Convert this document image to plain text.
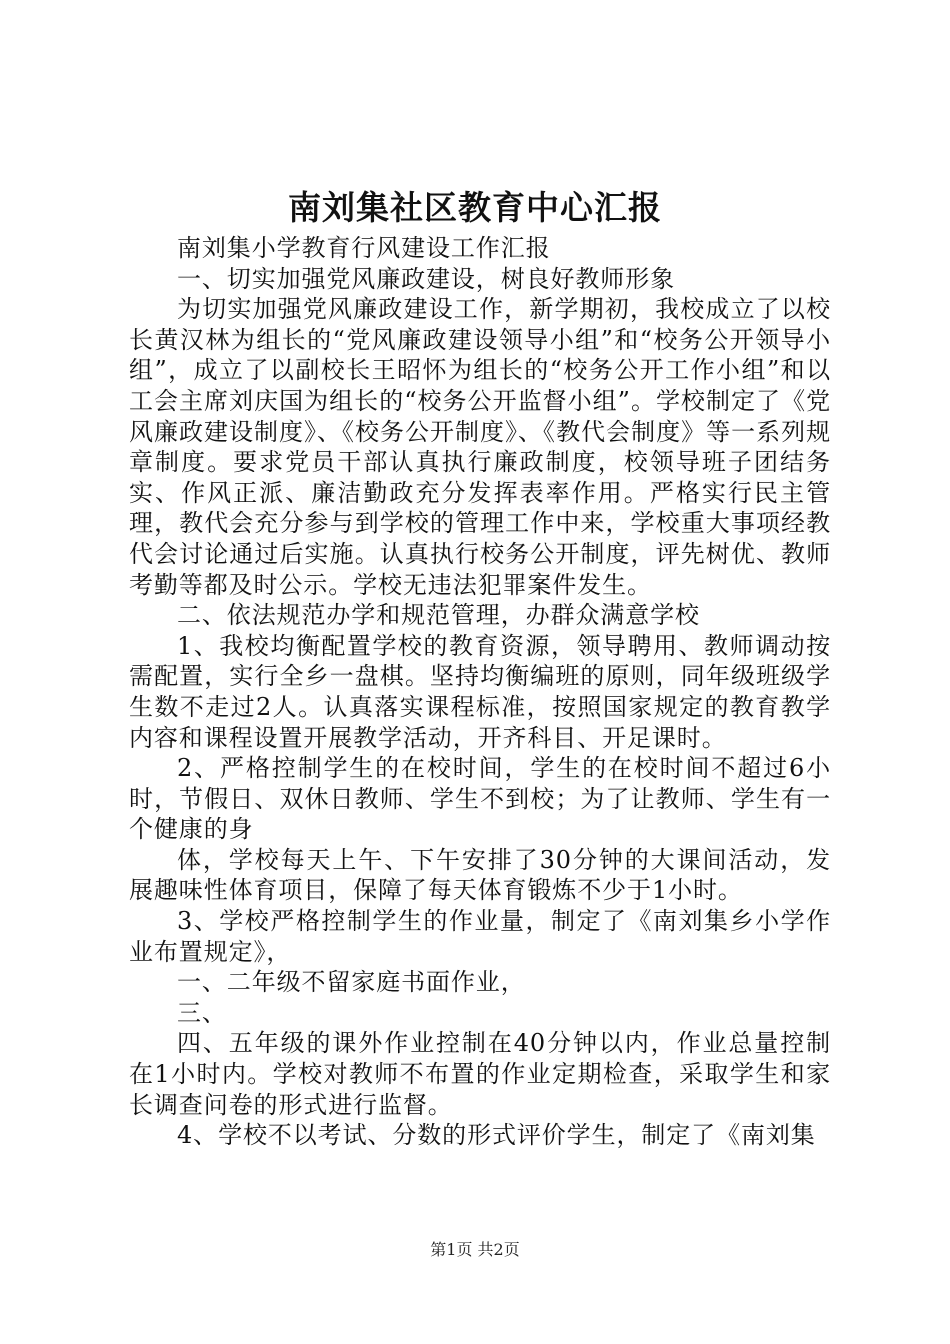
南刘集社区教育中心汇报

南刘集小学教育行风建设工作汇报

一、切实加强党风廉政建设，树良好教师形象

为切实加强党风廉政建设工作，新学期初，我校成立了以校长黄汉林为组长的“党风廉政建设领导小组”和“校务公开领导小组”，成立了以副校长王昭怀为组长的“校务公开工作小组”和以工会主席刘庆国为组长的“校务公开监督小组”。学校制定了《党风廉政建设制度》、《校务公开制度》、《教代会制度》等一系列规章制度。要求党员干部认真执行廉政制度，校领导班子团结务实、作风正派、廉洁勤政充分发挥表率作用。严格实行民主管理，教代会充分参与到学校的管理工作中来，学校重大事项经教代会讨论通过后实施。认真执行校务公开制度，评先树优、教师考勤等都及时公示。学校无违法犯罪案件发生。

二、依法规范办学和规范管理，办群众满意学校

1、我校均衡配置学校的教育资源，领导聘用、教师调动按需配置，实行全乡一盘棋。坚持均衡编班的原则，同年级班级学生数不走过2人。认真落实课程标准，按照国家规定的教育教学内容和课程设置开展教学活动，开齐科目、开足课时。

2、严格控制学生的在校时间，学生的在校时间不超过6小时，节假日、双休日教师、学生不到校；为了让教师、学生有一个健康的身

体，学校每天上午、下午安排了30分钟的大课间活动，发展趣味性体育项目，保障了每天体育锻炼不少于1小时。

3、学校严格控制学生的作业量，制定了《南刘集乡小学作业布置规定》，

一、二年级不留家庭书面作业，

三、

四、五年级的课外作业控制在40分钟以内，作业总量控制在1小时内。学校对教师不布置的作业定期检查，采取学生和家长调查问卷的形式进行监督。

4、学校不以考试、分数的形式评价学生，制定了《南刘集

第1页 共2页
